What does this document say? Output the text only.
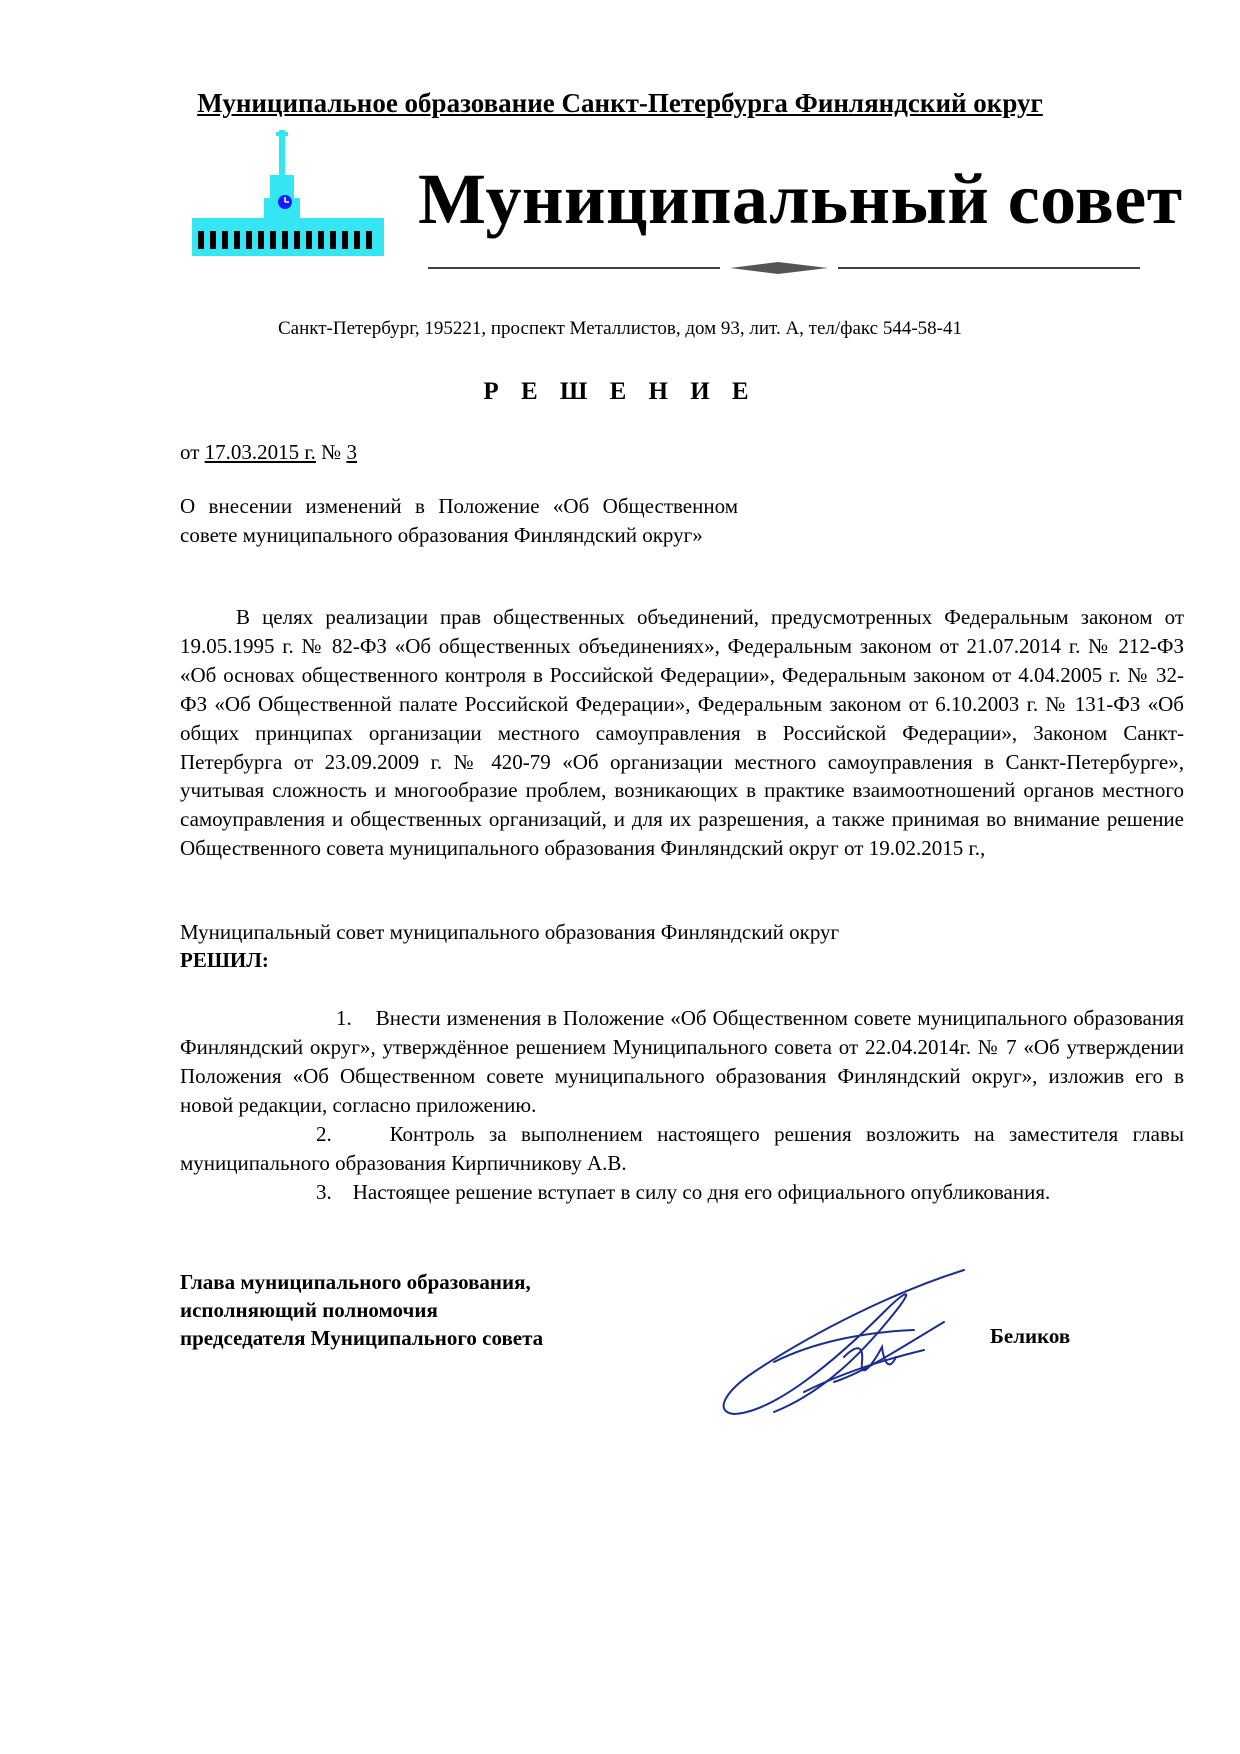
Муниципальное образование Санкт-Петербурга Финляндский округ
Муниципальный совет
Санкт-Петербург, 195221, проспект Металлистов, дом 93, лит. А, тел/факс 544-58-41
Р Е Ш Е Н И Е
от 17.03.2015 г. № 3
О внесении изменений в Положение «Об Общественном совете муниципального образования Финляндский округ»
В целях реализации прав общественных объединений, предусмотренных Федеральным законом от 19.05.1995 г. № 82-ФЗ «Об общественных объединениях», Федеральным законом от 21.07.2014 г. № 212-ФЗ «Об основах общественного контроля в Российской Федерации», Федеральным законом от 4.04.2005 г. № 32-ФЗ «Об Общественной палате Российской Федерации», Федеральным законом от 6.10.2003 г. № 131-ФЗ «Об общих принципах организации местного самоуправления в Российской Федерации», Законом Санкт-Петербурга от 23.09.2009 г. № 420-79 «Об организации местного самоуправления в Санкт-Петербурге», учитывая сложность и многообразие проблем, возникающих в практике взаимоотношений органов местного самоуправления и общественных организаций, и для их разрешения, а также принимая во внимание решение Общественного совета муниципального образования Финляндский округ от 19.02.2015 г.,
Муниципальный совет муниципального образования Финляндский округ
РЕШИЛ:
1. Внести изменения в Положение «Об Общественном совете муниципального образования Финляндский округ», утверждённое решением Муниципального совета от 22.04.2014г. № 7 «Об утверждении Положения «Об Общественном совете муниципального образования Финляндский округ», изложив его в новой редакции, согласно приложению.
2.	Контроль за выполнением настоящего решения возложить на заместителя главы муниципального образования Кирпичникову А.В.
3. Настоящее решение вступает в силу со дня его официального опубликования.
Глава муниципального образования,
исполняющий полномочия
председателя Муниципального совета	Беликов
